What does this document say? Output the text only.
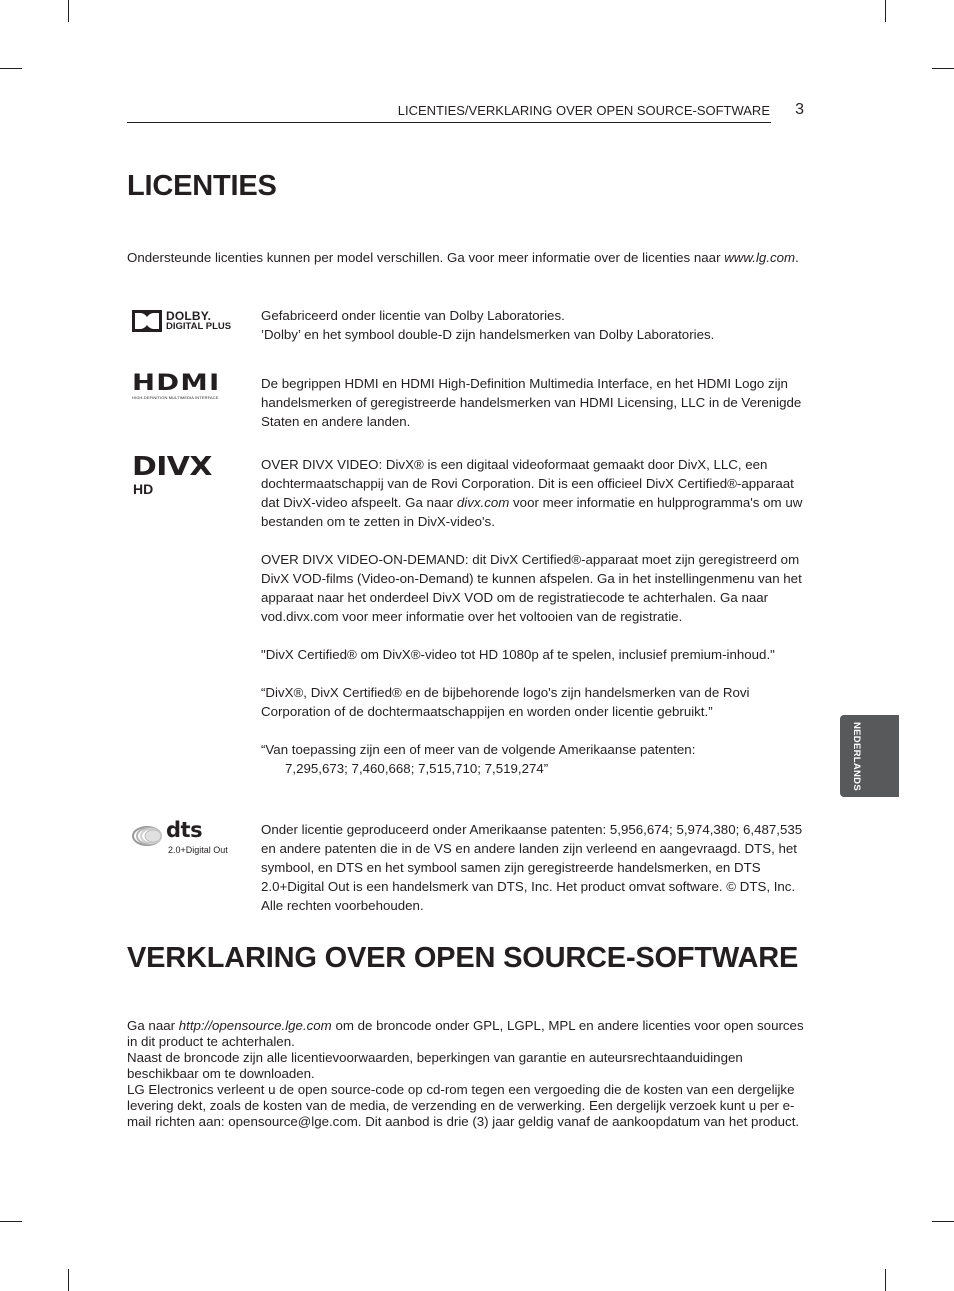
LICENTIES/VERKLARING OVER OPEN SOURCE-SOFTWARE 3
NEDERLANDS
LICENTIES

Ondersteunde licenties kunnen per model verschillen. Ga voor meer informatie over de licenties naar www.lg.com.

DOLBY.
DIGITAL PLUS

Gefabriceerd onder licentie van Dolby Laboratories.

’Dolby’ en het symbool double-D zijn handelsmerken van Dolby Laboratories.

HDMI
HIGH-DEFINITION MULTIMEDIA INTERFACE

De begrippen HDMI en HDMI High-Definition Multimedia Interface, en het HDMI Logo zijn handelsmerken of geregistreerde handelsmerken van HDMI Licensing, LLC in de Verenigde Staten en andere landen.

DIVX
HD

OVER DIVX VIDEO: DivX® is een digitaal videoformaat gemaakt door DivX, LLC, een dochtermaatschappij van de Rovi Corporation. Dit is een officieel DivX Certified®-apparaat dat DivX-video afspeelt. Ga naar divx.com voor meer informatie en hulpprogramma's om uw bestanden om te zetten in DivX-video's.

OVER DIVX VIDEO-ON-DEMAND: dit DivX Certified®-apparaat moet zijn geregistreerd om DivX VOD-films (Video-on-Demand) te kunnen afspelen. Ga in het instellingenmenu van het apparaat naar het onderdeel DivX VOD om de registratiecode te achterhalen. Ga naar vod.divx.com voor meer informatie over het voltooien van de registratie.

"DivX Certified® om DivX®-video tot HD 1080p af te spelen, inclusief premium-inhoud."

“DivX®, DivX Certified® en de bijbehorende logo's zijn handelsmerken van de Rovi Corporation of de dochtermaatschappijen en worden onder licentie gebruikt.”

“Van toepassing zijn een of meer van de volgende Amerikaanse patenten:

7,295,673; 7,460,668; 7,515,710; 7,519,274”

dts
2.0+Digital Out

Onder licentie geproduceerd onder Amerikaanse patenten: 5,956,674; 5,974,380; 6,487,535 en andere patenten die in de VS en andere landen zijn verleend en aangevraagd. DTS, het symbool, en DTS en het symbool samen zijn geregistreerde handelsmerken, en DTS 2.0+Digital Out is een handelsmerk van DTS, Inc. Het product omvat software. © DTS, Inc. Alle rechten voorbehouden.

VERKLARING OVER OPEN SOURCE-SOFTWARE

Ga naar http://opensource.lge.com om de broncode onder GPL, LGPL, MPL en andere licenties voor open sources in dit product te achterhalen.

Naast de broncode zijn alle licentievoorwaarden, beperkingen van garantie en auteursrechtaanduidingen beschikbaar om te downloaden.

LG Electronics verleent u de open source-code op cd-rom tegen een vergoeding die de kosten van een dergelijke levering dekt, zoals de kosten van de media, de verzending en de verwerking. Een dergelijk verzoek kunt u per e-mail richten aan: opensource@lge.com. Dit aanbod is drie (3) jaar geldig vanaf de aankoopdatum van het product.
